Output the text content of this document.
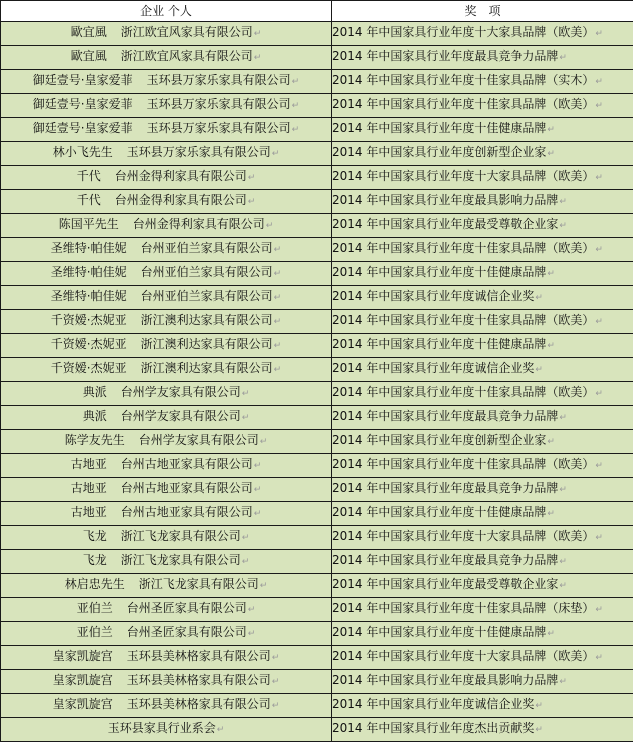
企业 个人	奖　项
歐宜風 浙江欧宜风家具有限公司↵	2014 年中国家具行业年度十大家具品牌（欧美）↵
歐宜風 浙江欧宜风家具有限公司↵	2014 年中国家具行业年度最具竞争力品牌↵
御廷壹号·皇家爱菲 玉环县万家乐家具有限公司↵	2014 年中国家具行业年度十佳家具品牌（实木）↵
御廷壹号·皇家爱菲 玉环县万家乐家具有限公司↵	2014 年中国家具行业年度十佳家具品牌（欧美）↵
御廷壹号·皇家爱菲 玉环县万家乐家具有限公司↵	2014 年中国家具行业年度十佳健康品牌↵
林小飞先生 玉环县万家乐家具有限公司↵	2014 年中国家具行业年度创新型企业家↵
千代 台州金得利家具有限公司↵	2014 年中国家具行业年度十大家具品牌（欧美）↵
千代 台州金得利家具有限公司↵	2014 年中国家具行业年度最具影响力品牌↵
陈国平先生 台州金得利家具有限公司↵	2014 年中国家具行业年度最受尊敬企业家↵
圣维特·帕佳妮 台州亚伯兰家具有限公司↵	2014 年中国家具行业年度十佳家具品牌（欧美）↵
圣维特·帕佳妮 台州亚伯兰家具有限公司↵	2014 年中国家具行业年度十佳健康品牌↵
圣维特·帕佳妮 台州亚伯兰家具有限公司↵	2014 年中国家具行业年度诚信企业奖↵
千资嫒·杰妮亚 浙江澳利达家具有限公司↵	2014 年中国家具行业年度十佳家具品牌（欧美）↵
千资嫒·杰妮亚 浙江澳利达家具有限公司↵	2014 年中国家具行业年度十佳健康品牌↵
千资嫒·杰妮亚 浙江澳利达家具有限公司↵	2014 年中国家具行业年度诚信企业奖↵
典派 台州学友家具有限公司↵	2014 年中国家具行业年度十佳家具品牌（欧美）↵
典派 台州学友家具有限公司↵	2014 年中国家具行业年度最具竞争力品牌↵
陈学友先生 台州学友家具有限公司↵	2014 年中国家具行业年度创新型企业家↵
古地亚 台州古地亚家具有限公司↵	2014 年中国家具行业年度十佳家具品牌（欧美）↵
古地亚 台州古地亚家具有限公司↵	2014 年中国家具行业年度最具竞争力品牌↵
古地亚 台州古地亚家具有限公司↵	2014 年中国家具行业年度十佳健康品牌↵
飞龙 浙江飞龙家具有限公司↵	2014 年中国家具行业年度十大家具品牌（欧美）↵
飞龙 浙江飞龙家具有限公司↵	2014 年中国家具行业年度最具竞争力品牌↵
林启忠先生 浙江飞龙家具有限公司↵	2014 年中国家具行业年度最受尊敬企业家↵
亚伯兰 台州圣匠家具有限公司↵	2014 年中国家具行业年度十佳家具品牌（床垫）↵
亚伯兰 台州圣匠家具有限公司↵	2014 年中国家具行业年度十佳健康品牌↵
皇家凯旋宫 玉环县美林格家具有限公司↵	2014 年中国家具行业年度十大家具品牌（欧美）↵
皇家凯旋宫 玉环县美林格家具有限公司↵	2014 年中国家具行业年度最具影响力品牌↵
皇家凯旋宫 玉环县美林格家具有限公司↵	2014 年中国家具行业年度诚信企业奖↵
玉环县家具行业系会↵	2014 年中国家具行业年度杰出贡献奖↵
